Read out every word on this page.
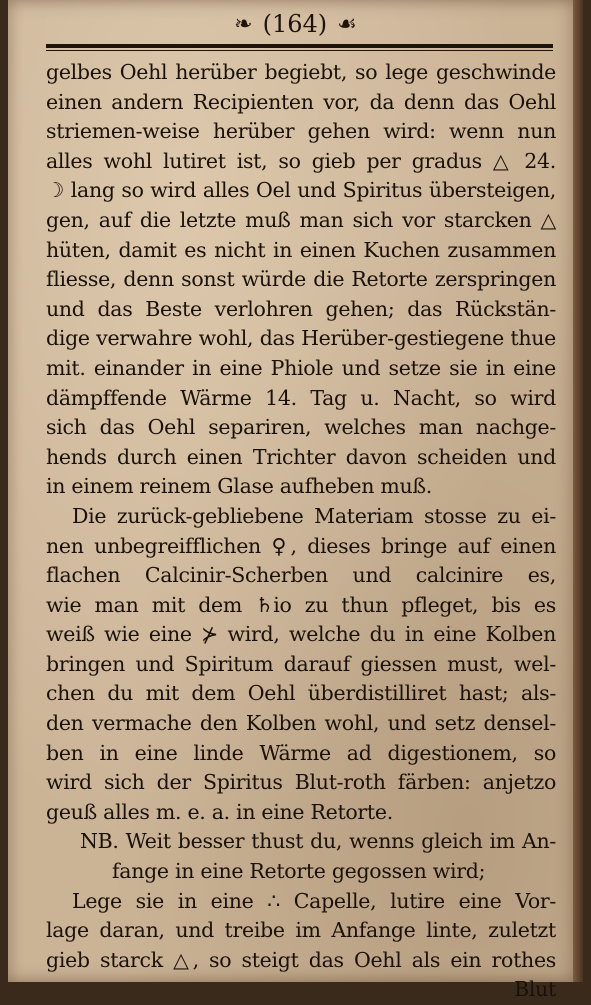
❧ ( 164 ) ☙
gelbes Oehl herüber begiebt, so lege geschwinde
einen andern Recipienten vor, da denn das Oehl
striemen-weise herüber gehen wird: wenn nun
alles wohl lutiret ist, so gieb per gradus △ 24.
☽ lang so wird alles Oel und Spiritus übersteigen,
gen, auf die letzte muß man sich vor starcken △
hüten, damit es nicht in einen Kuchen zusammen
fliesse, denn sonst würde die Retorte zerspringen
und das Beste verlohren gehen; das Rückstän-
dige verwahre wohl, das Herüber-gestiegene thue
mit. einander in eine Phiole und setze sie in eine
dämpffende Wärme 14. Tag u. Nacht, so wird
sich das Oehl separiren, welches man nachge-
hends durch einen Trichter davon scheiden und
in einem reinem Glase aufheben muß.
Die zurück-gebliebene Materiam stosse zu ei-
nen unbegreifflichen ♀, dieses bringe auf einen
flachen Calcinir-Scherben und calcinire es,
wie man mit dem ♄io zu thun pfleget, bis es
weiß wie eine ⊁ wird, welche du in eine Kolben
bringen und Spiritum darauf giessen must, wel-
chen du mit dem Oehl überdistilliret hast; als-
den vermache den Kolben wohl, und setz densel-
ben in eine linde Wärme ad digestionem, so
wird sich der Spiritus Blut-roth färben: anjetzo
geuß alles m. e. a. in eine Retorte.
NB. Weit besser thust du, wenns gleich im An-
fange in eine Retorte gegossen wird;
Lege sie in eine ∴ Capelle, lutire eine Vor-
lage daran, und treibe im Anfange linte, zuletzt
gieb starck △, so steigt das Oehl als ein rothes
Blut
